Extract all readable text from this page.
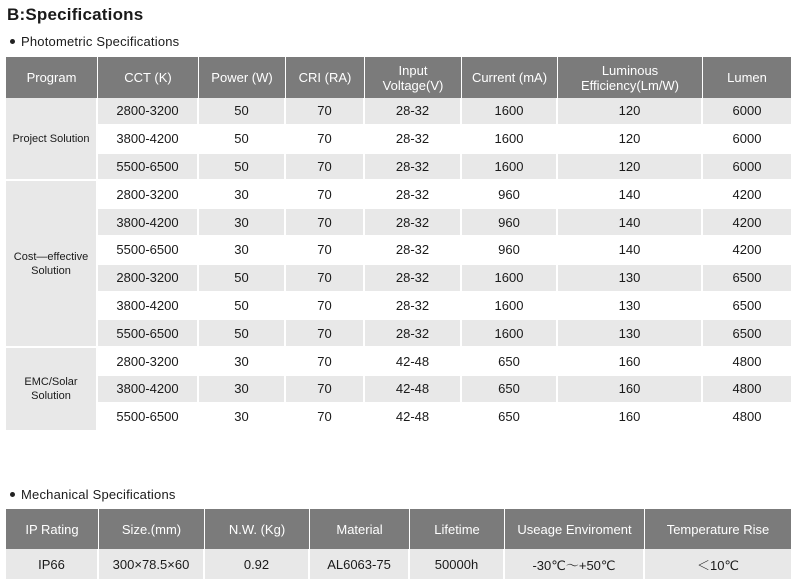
B:Specifications
Photometric Specifications
Program	CCT (K)	Power (W)	CRI (RA)	Input Voltage(V)	Current (mA)	Luminous Efficiency(Lm/W)	Lumen
Project Solution	2800-3200	50	70	28-32	1600	120	6000
	3800-4200	50	70	28-32	1600	120	6000
	5500-6500	50	70	28-32	1600	120	6000
Cost—effective Solution	2800-3200	30	70	28-32	960	140	4200
	3800-4200	30	70	28-32	960	140	4200
	5500-6500	30	70	28-32	960	140	4200
	2800-3200	50	70	28-32	1600	130	6500
	3800-4200	50	70	28-32	1600	130	6500
	5500-6500	50	70	28-32	1600	130	6500
EMC/Solar Solution	2800-3200	30	70	42-48	650	160	4800
	3800-4200	30	70	42-48	650	160	4800
	5500-6500	30	70	42-48	650	160	4800
Mechanical Specifications
IP Rating	Size.(mm)	N.W. (Kg)	Material	Lifetime	Useage Enviroment	Temperature Rise
IP66	300×78.5×60	0.92	AL6063-75	50000h	-30℃～+50℃	＜10℃
